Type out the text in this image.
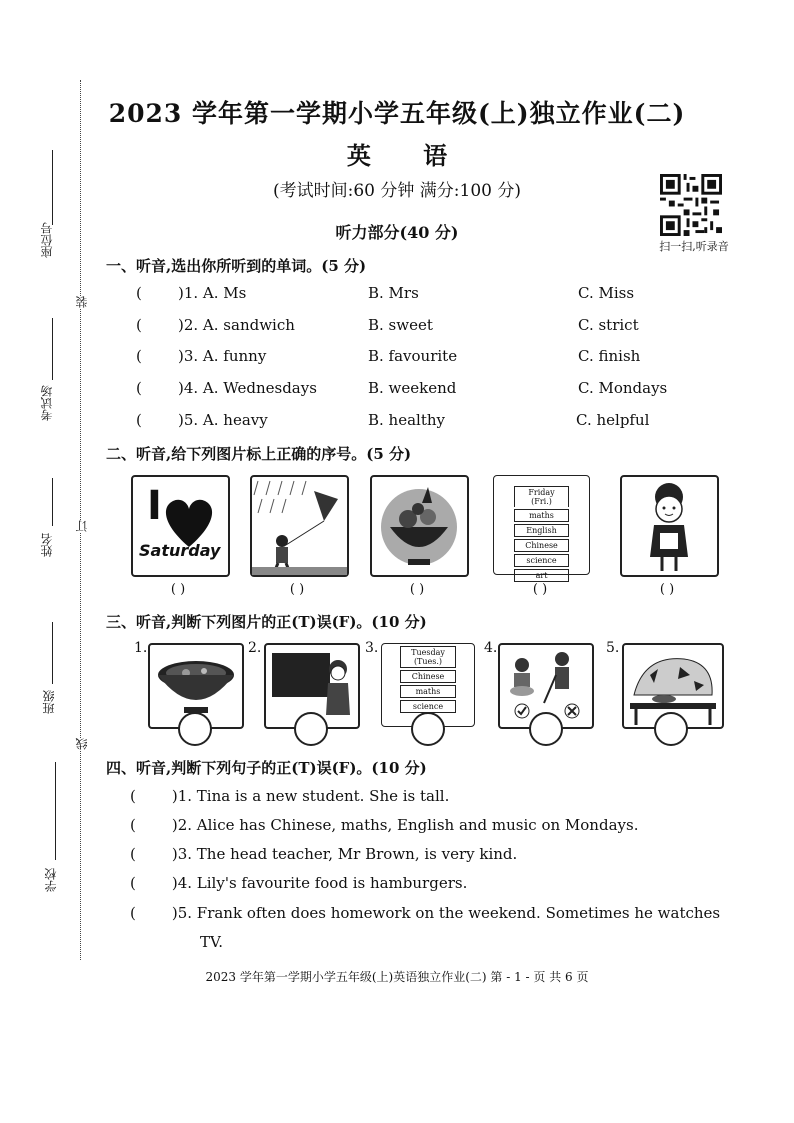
座位号
考试场
姓名
班级
学校
装
订
线
2023 学年第一学期小学五年级(上)独立作业(二)
英 语
(考试时间:60 分钟 满分:100 分)
听力部分(40 分)
扫一扫,听录音
一、听音,选出你所听到的单词。(5 分)
( )1. A. Ms	B. Mrs	C. Miss
( )2. A. sandwich	B. sweet	C. strict
( )3. A. funny	B. favourite	C. finish
( )4. A. Wednesdays	B. weekend	C. Mondays
( )5. A. heavy	B. healthy	C. helpful
二、听音,给下列图片标上正确的序号。(5 分)
I
Saturday
Friday
(Fri.)
maths
English
Chinese
science
art
( )	( )	( )	( )	( )
三、听音,判断下列图片的正(T)误(F)。(10 分)
1.	2.	3.	Tuesday
(Tues.)
Chinese
maths
science
4.	5.
四、听音,判断下列句子的正(T)误(F)。(10 分)
( )1. Tina is a new student. She is tall.
( )2. Alice has Chinese, maths, English and music on Mondays.
( )3. The head teacher, Mr Brown, is very kind.
( )4. Lily's favourite food is hamburgers.
( )5. Frank often does homework on the weekend. Sometimes he watches
TV.
2023 学年第一学期小学五年级(上)英语独立作业(二) 第 - 1 - 页 共 6 页
